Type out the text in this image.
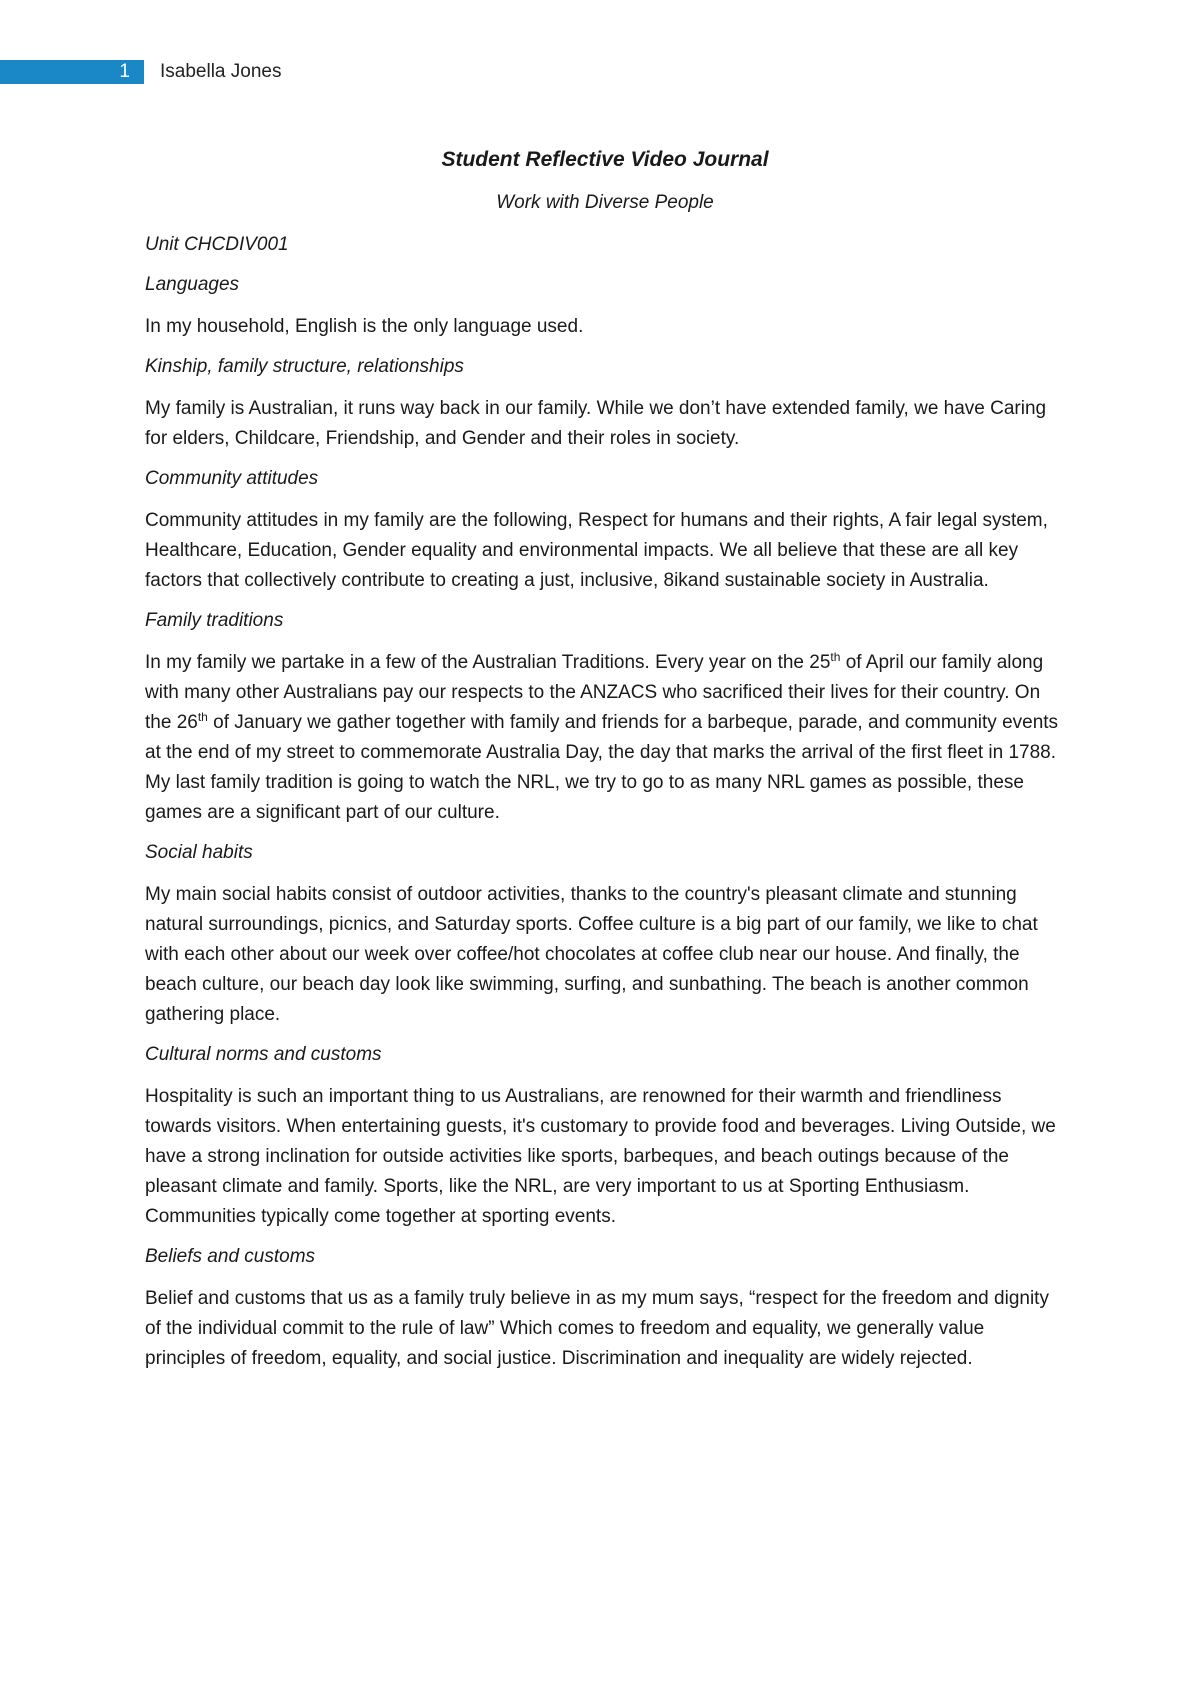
1 Isabella Jones
Student Reflective Video Journal
Work with Diverse People
Unit CHCDIV001
Languages

In my household, English is the only language used.

Kinship, family structure, relationships

My family is Australian, it runs way back in our family. While we don’t have extended family, we have Caring for elders, Childcare, Friendship, and Gender and their roles in society.

Community attitudes

Community attitudes in my family are the following, Respect for humans and their rights, A fair legal system, Healthcare, Education, Gender equality and environmental impacts. We all believe that these are all key factors that collectively contribute to creating a just, inclusive, 8ikand sustainable society in Australia.

Family traditions

In my family we partake in a few of the Australian Traditions. Every year on the 25th of April our family along with many other Australians pay our respects to the ANZACS who sacrificed their lives for their country. On the 26th of January we gather together with family and friends for a barbeque, parade, and community events at the end of my street to commemorate Australia Day, the day that marks the arrival of the first fleet in 1788. My last family tradition is going to watch the NRL, we try to go to as many NRL games as possible, these games are a significant part of our culture.

Social habits

My main social habits consist of outdoor activities, thanks to the country's pleasant climate and stunning natural surroundings, picnics, and Saturday sports. Coffee culture is a big part of our family, we like to chat with each other about our week over coffee/hot chocolates at coffee club near our house. And finally, the beach culture, our beach day look like swimming, surfing, and sunbathing. The beach is another common gathering place.

Cultural norms and customs

Hospitality is such an important thing to us Australians, are renowned for their warmth and friendliness towards visitors. When entertaining guests, it's customary to provide food and beverages. Living Outside, we have a strong inclination for outside activities like sports, barbeques, and beach outings because of the pleasant climate and family. Sports, like the NRL, are very important to us at Sporting Enthusiasm. Communities typically come together at sporting events.

Beliefs and customs

Belief and customs that us as a family truly believe in as my mum says, “respect for the freedom and dignity of the individual commit to the rule of law” Which comes to freedom and equality, we generally value principles of freedom, equality, and social justice. Discrimination and inequality are widely rejected.
